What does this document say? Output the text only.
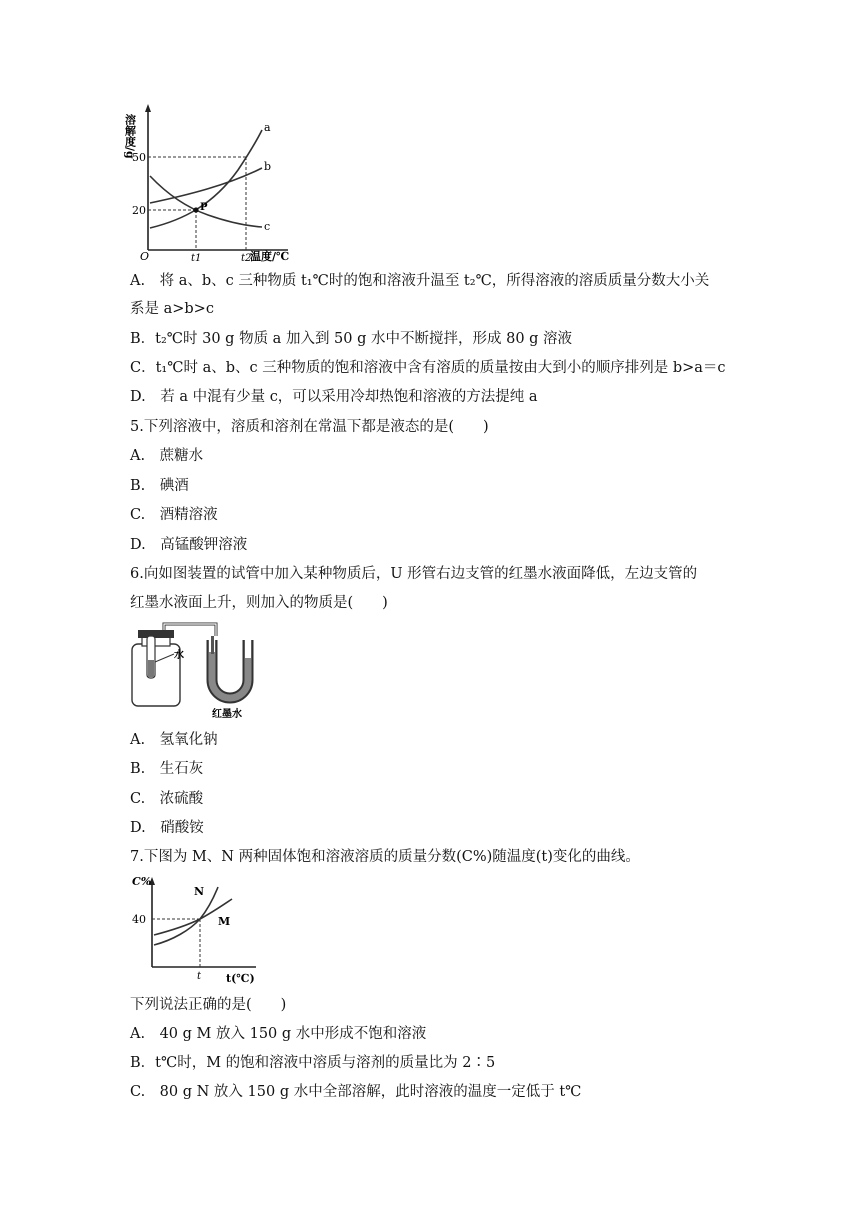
溶解度/g
50
20
O	t1	t2
温度/℃
a
b
c
P
A.　将 a、b、c 三种物质 t₁℃时的饱和溶液升温至 t₂℃，所得溶液的溶质质量分数大小关
系是 a>b>c
B．t₂℃时 30 g 物质 a 加入到 50 g 水中不断搅拌，形成 80 g 溶液
C．t₁℃时 a、b、c 三种物质的饱和溶液中含有溶质的质量按由大到小的顺序排列是 b>a＝c
D.　若 a 中混有少量 c，可以采用冷却热饱和溶液的方法提纯 a
5.下列溶液中，溶质和溶剂在常温下都是液态的是(　　)
A.　蔗糖水
B.　碘酒
C.　酒精溶液
D.　高锰酸钾溶液
6.向如图装置的试管中加入某种物质后，U 形管右边支管的红墨水液面降低，左边支管的
红墨水液面上升，则加入的物质是(　　)
水
红墨水
A.　氢氧化钠
B.　生石灰
C.　浓硫酸
D.　硝酸铵
7.下图为 M、N 两种固体饱和溶液溶质的质量分数(C%)随温度(t)变化的曲线。
C%
40
t t(℃)
N
M
下列说法正确的是(　　)
A.　40 g M 放入 150 g 水中形成不饱和溶液
B．t℃时，M 的饱和溶液中溶质与溶剂的质量比为 2∶5
C.　80 g N 放入 150 g 水中全部溶解，此时溶液的温度一定低于 t℃
